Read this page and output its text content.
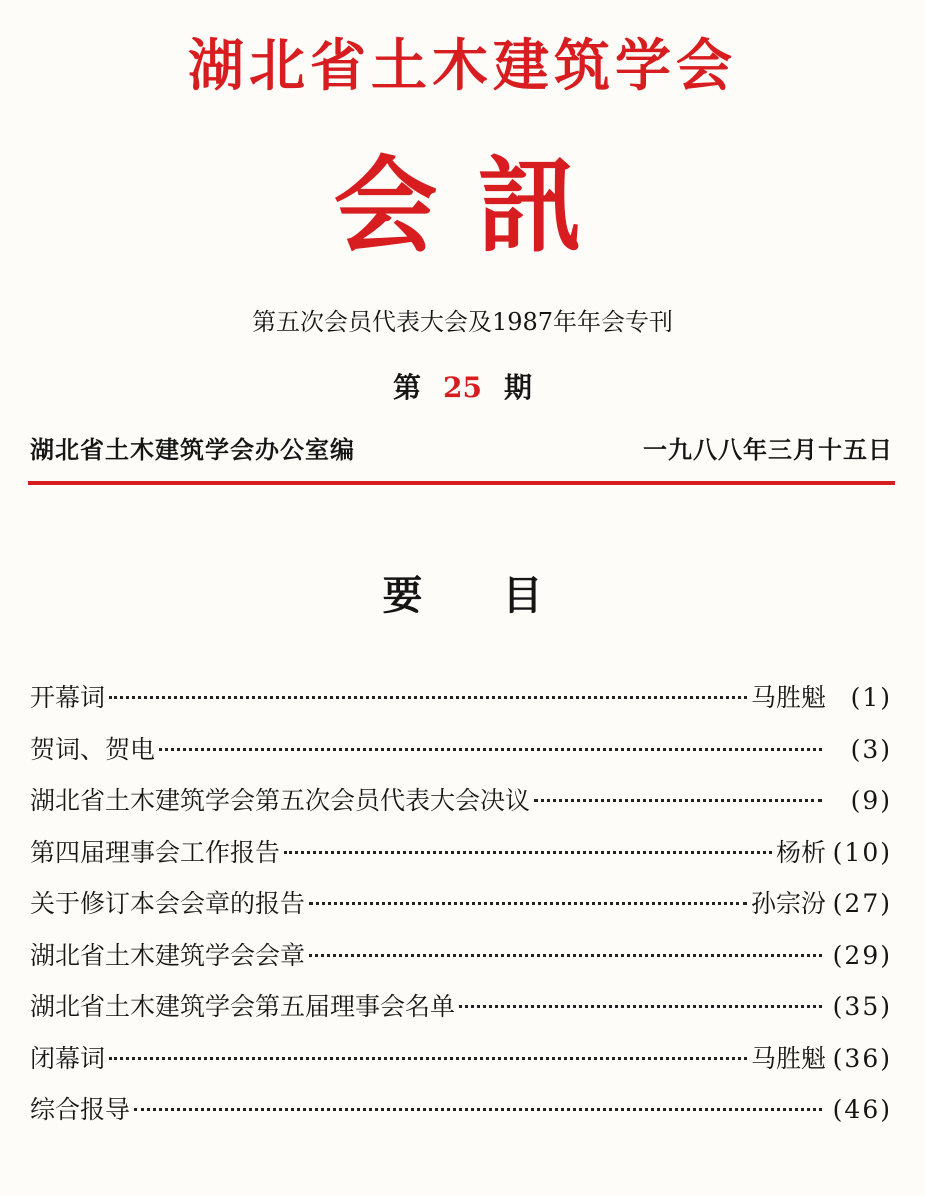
湖北省土木建筑学会
会訊
第五次会员代表大会及1987年年会专刊
第 25 期
湖北省土木建筑学会办公室编	一九八八年三月十五日
要目
开幕词	马胜魁 (1)
贺词、贺电	(3)
湖北省土木建筑学会第五次会员代表大会决议	(9)
第四届理事会工作报告	杨析 (10)
关于修订本会会章的报告	孙宗汾 (27)
湖北省土木建筑学会会章	(29)
湖北省土木建筑学会第五届理事会名单	(35)
闭幕词	马胜魁 (36)
综合报导	(46)
